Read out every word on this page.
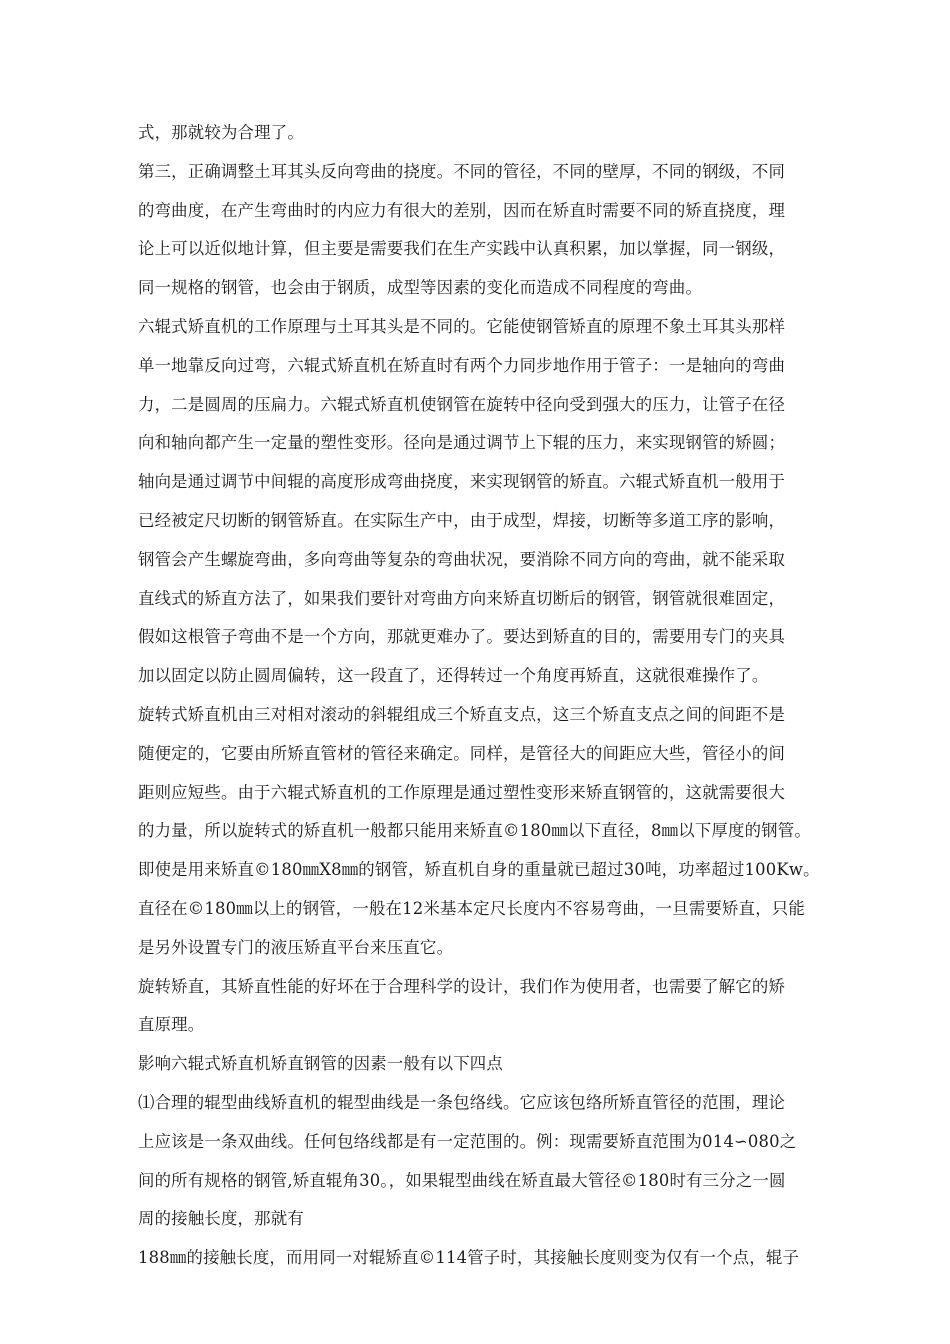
式，那就较为合理了。
第三，正确调整土耳其头反向弯曲的挠度。不同的管径，不同的壁厚，不同的钢级，不同
的弯曲度，在产生弯曲时的内应力有很大的差别，因而在矫直时需要不同的矫直挠度，理
论上可以近似地计算，但主要是需要我们在生产实践中认真积累，加以掌握，同一钢级，
同一规格的钢管，也会由于钢质，成型等因素的变化而造成不同程度的弯曲。
六辊式矫直机的工作原理与土耳其头是不同的。它能使钢管矫直的原理不象土耳其头那样
单一地靠反向过弯，六辊式矫直机在矫直时有两个力同步地作用于管子：一是轴向的弯曲
力，二是圆周的压扁力。六辊式矫直机使钢管在旋转中径向受到强大的压力，让管子在径
向和轴向都产生一定量的塑性变形。径向是通过调节上下辊的压力，来实现钢管的矫圆；
轴向是通过调节中间辊的高度形成弯曲挠度，来实现钢管的矫直。六辊式矫直机一般用于
已经被定尺切断的钢管矫直。在实际生产中，由于成型，焊接，切断等多道工序的影响，
钢管会产生螺旋弯曲，多向弯曲等复杂的弯曲状况，要消除不同方向的弯曲，就不能采取
直线式的矫直方法了，如果我们要针对弯曲方向来矫直切断后的钢管，钢管就很难固定，
假如这根管子弯曲不是一个方向，那就更难办了。要达到矫直的目的，需要用专门的夹具
加以固定以防止圆周偏转，这一段直了，还得转过一个角度再矫直，这就很难操作了。
旋转式矫直机由三对相对滚动的斜辊组成三个矫直支点，这三个矫直支点之间的间距不是
随便定的，它要由所矫直管材的管径来确定。同样，是管径大的间距应大些，管径小的间
距则应短些。由于六辊式矫直机的工作原理是通过塑性变形来矫直钢管的，这就需要很大
的力量，所以旋转式的矫直机一般都只能用来矫直©180㎜以下直径，8㎜以下厚度的钢管。
即使是用来矫直©180㎜X8㎜的钢管，矫直机自身的重量就已超过30吨，功率超过100Kw。
直径在©180㎜以上的钢管，一般在12米基本定尺长度内不容易弯曲，一旦需要矫直，只能
是另外设置专门的液压矫直平台来压直它。
旋转矫直，其矫直性能的好坏在于合理科学的设计，我们作为使用者，也需要了解它的矫
直原理。
影响六辊式矫直机矫直钢管的因素一般有以下四点
⑴合理的辊型曲线矫直机的辊型曲线是一条包络线。它应该包络所矫直管径的范围，理论
上应该是一条双曲线。任何包络线都是有一定范围的。例：现需要矫直范围为014∽080之
间的所有规格的钢管,矫直辊角30。，如果辊型曲线在矫直最大管径©180时有三分之一圆
周的接触长度，那就有
188㎜的接触长度，而用同一对辊矫直©114管子时，其接触长度则变为仅有一个点，辊子
